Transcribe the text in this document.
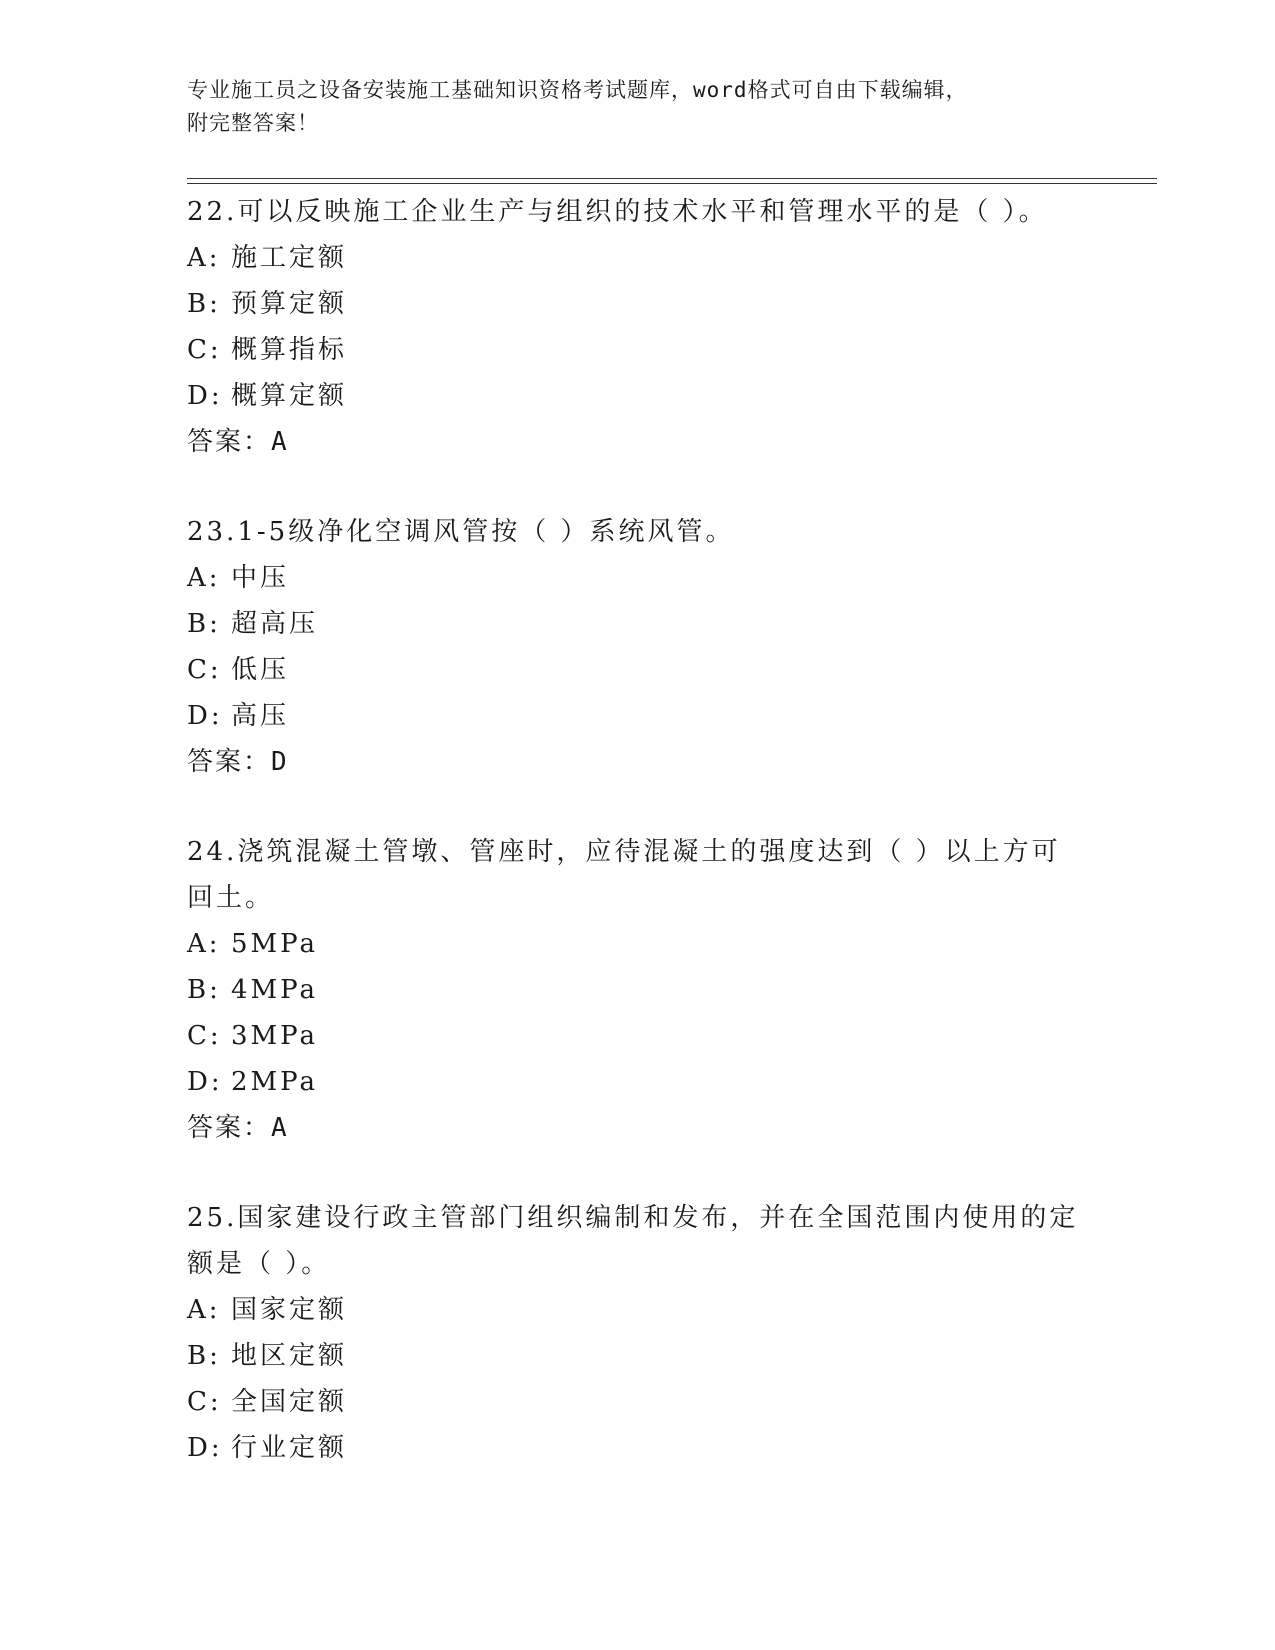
专业施工员之设备安装施工基础知识资格考试题库，word格式可自由下载编辑，
附完整答案！

22.可以反映施工企业生产与组织的技术水平和管理水平的是（ ）。

A: 施工定额
B: 预算定额
C: 概算指标
D: 概算定额
答案：A

23.1-5级净化空调风管按（ ）系统风管。

A: 中压
B: 超高压
C: 低压
D: 高压
答案：D

24.浇筑混凝土管墩、管座时，应待混凝土的强度达到（ ）以上方可

回土。

A: 5MPa
B: 4MPa
C: 3MPa
D: 2MPa
答案：A

25.国家建设行政主管部门组织编制和发布，并在全国范围内使用的定

额是（ ）。

A: 国家定额
B: 地区定额
C: 全国定额
D: 行业定额
